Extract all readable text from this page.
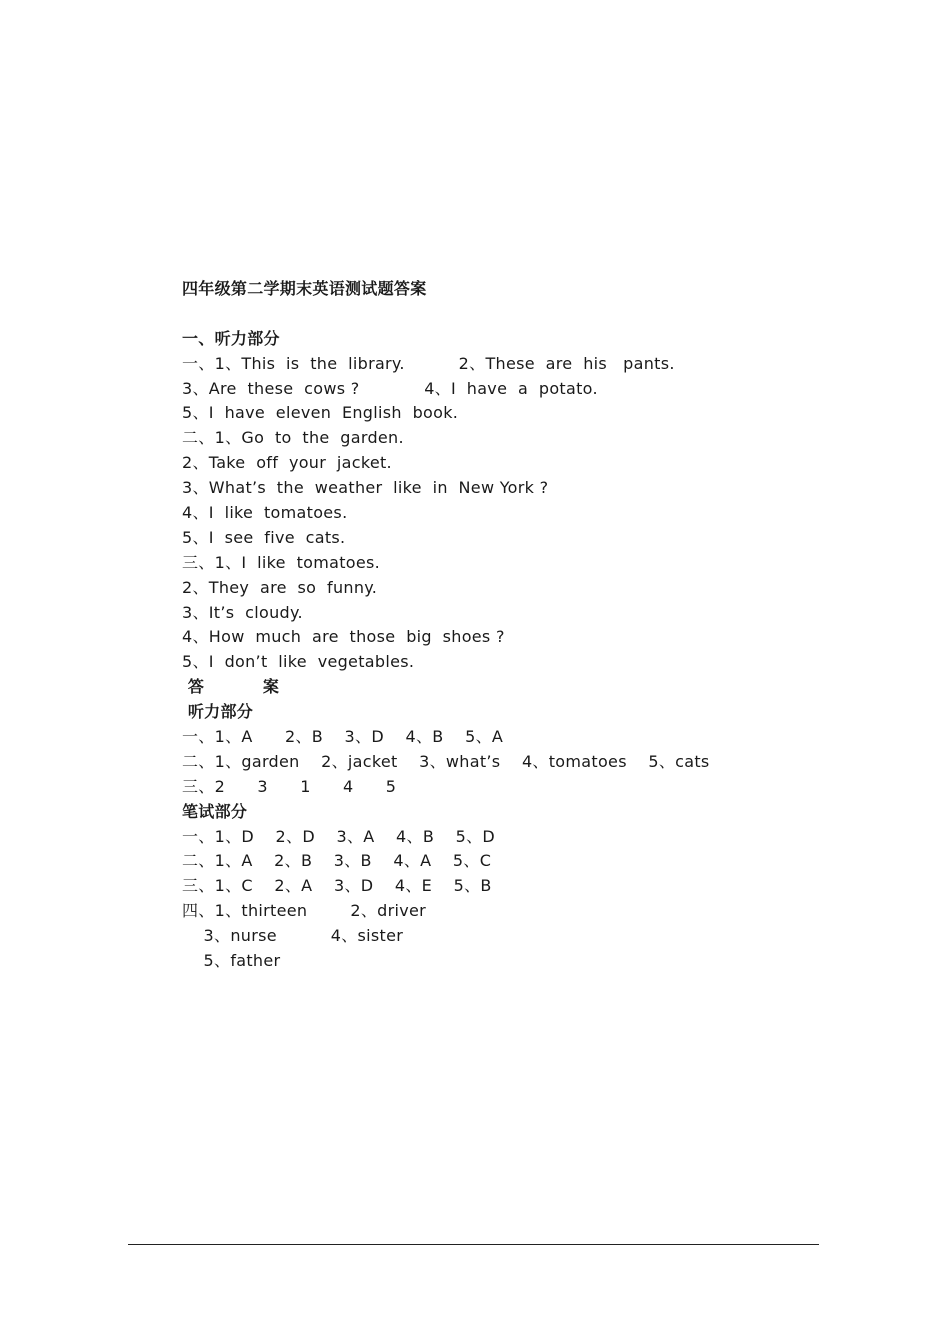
四年级第二学期末英语测试题答案
一、听力部分
一、1、This  is  the  library.          2、These  are  his   pants.
3、Are  these  cows ?            4、I  have  a  potato.
5、I  have  eleven  English  book.
二、1、Go  to  the  garden.
2、Take  off  your  jacket.
3、What’s  the  weather  like  in  New York ?
4、I  like  tomatoes.
5、I  see  five  cats.
三、1、I  like  tomatoes.
2、They  are  so  funny.
3、It’s  cloudy.
4、How  much  are  those  big  shoes ?
5、I  don’t  like  vegetables.
答          案
听力部分
一、1、A      2、B    3、D    4、B    5、A
二、1、garden    2、jacket    3、what’s    4、tomatoes    5、cats
三、2      3      1      4      5
笔试部分
一、1、D    2、D    3、A    4、B    5、D
二、1、A    2、B    3、B    4、A    5、C
三、1、C    2、A    3、D    4、E    5、B
四、1、thirteen        2、driver
3、nurse          4、sister
5、father
